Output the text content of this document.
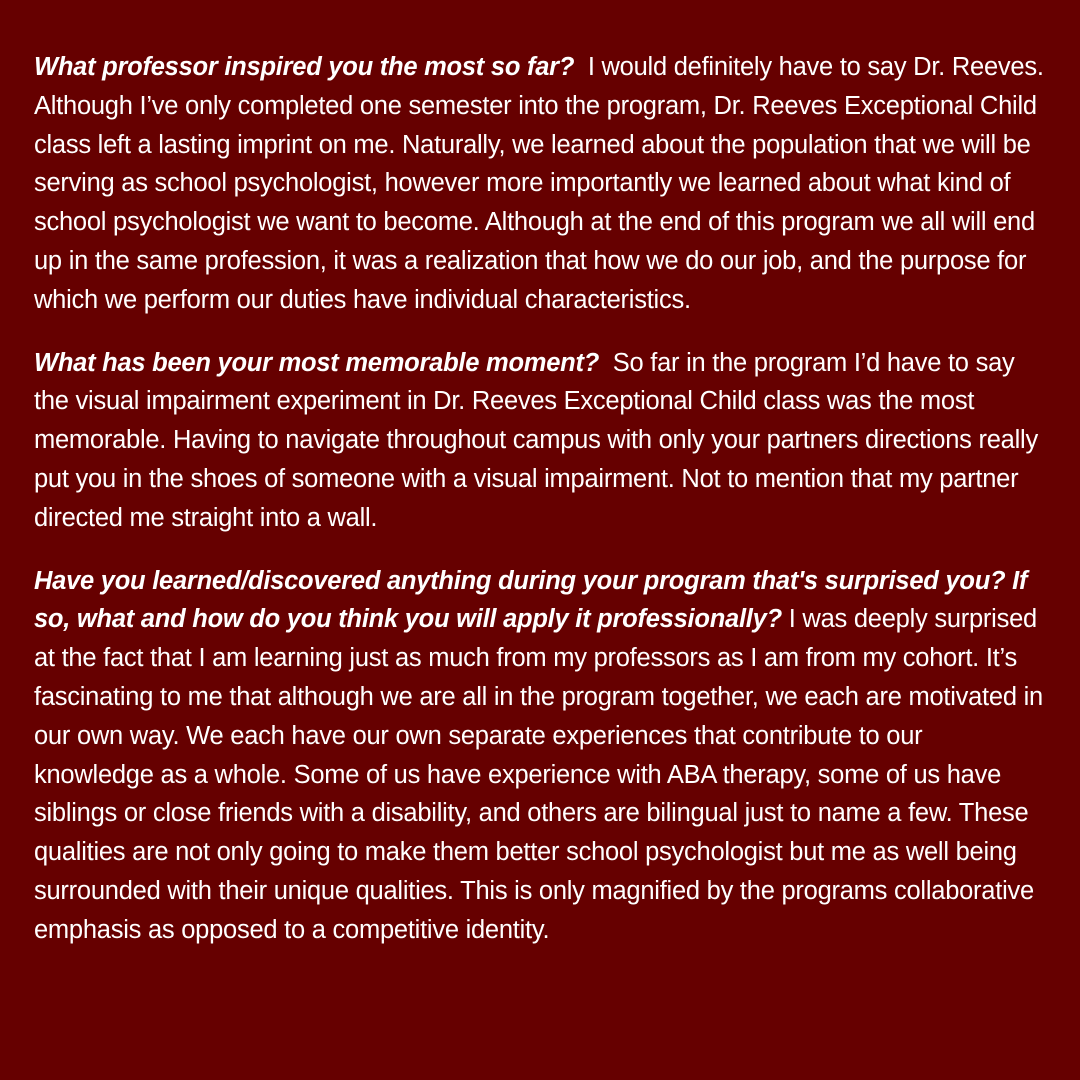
What professor inspired you the most so far? I would definitely have to say Dr. Reeves. Although I’ve only completed one semester into the program, Dr. Reeves Exceptional Child class left a lasting imprint on me. Naturally, we learned about the population that we will be serving as school psychologist, however more importantly we learned about what kind of school psychologist we want to become. Although at the end of this program we all will end up in the same profession, it was a realization that how we do our job, and the purpose for which we perform our duties have individual characteristics.

What has been your most memorable moment? So far in the program I’d have to say the visual impairment experiment in Dr. Reeves Exceptional Child class was the most memorable. Having to navigate throughout campus with only your partners directions really put you in the shoes of someone with a visual impairment. Not to mention that my partner directed me straight into a wall.

Have you learned/discovered anything during your program that's surprised you? If so, what and how do you think you will apply it professionally? I was deeply surprised at the fact that I am learning just as much from my professors as I am from my cohort. It’s fascinating to me that although we are all in the program together, we each are motivated in our own way. We each have our own separate experiences that contribute to our knowledge as a whole. Some of us have experience with ABA therapy, some of us have siblings or close friends with a disability, and others are bilingual just to name a few. These qualities are not only going to make them better school psychologist but me as well being surrounded with their unique qualities. This is only magnified by the programs collaborative emphasis as opposed to a competitive identity.
